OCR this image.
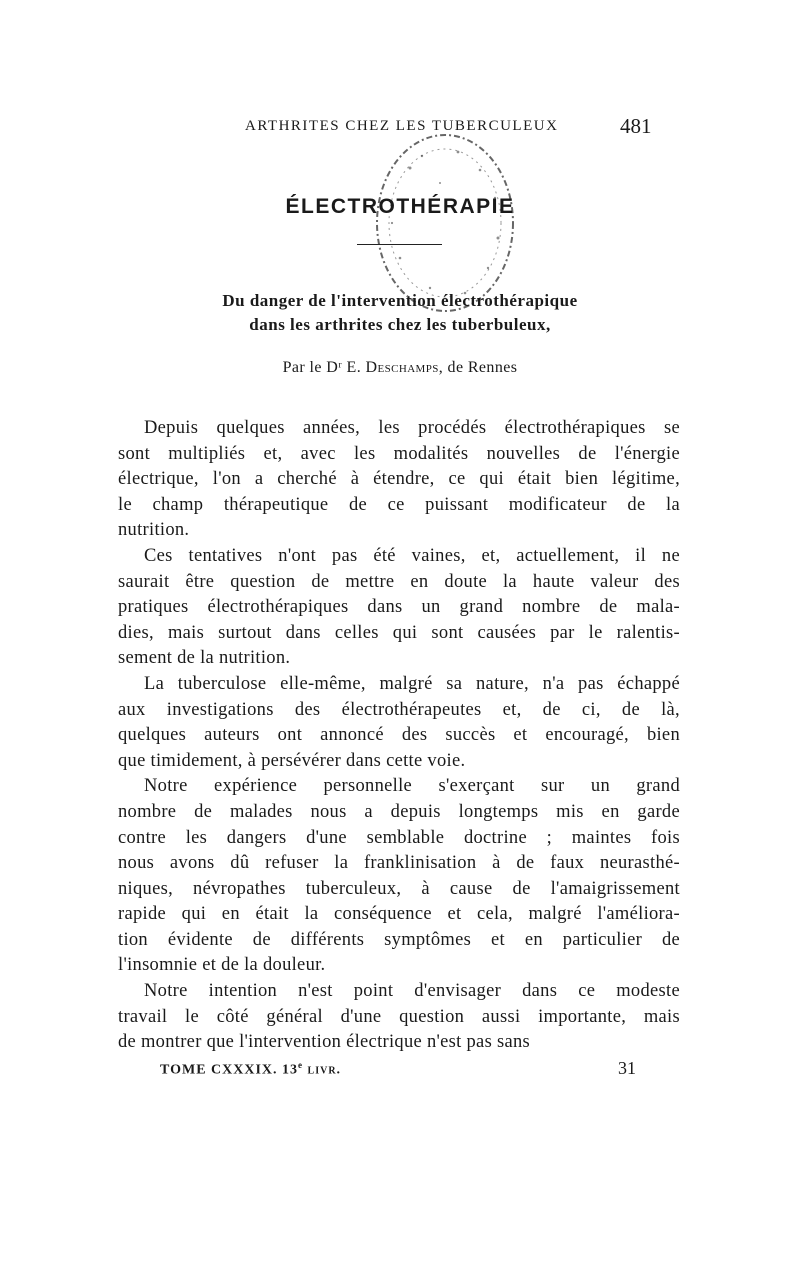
ARTHRITES CHEZ LES TUBERCULEUX	481
ÉLECTROTHÉRAPIE
Du danger de l'intervention électrothérapique
dans les arthrites chez les tuberbuleux,
Par le Dʳ E. Deschamps, de Rennes

Depuis quelques années, les procédés électrothérapiques se
sont multipliés et, avec les modalités nouvelles de l'énergie
électrique, l'on a cherché à étendre, ce qui était bien légitime,
le champ thérapeutique de ce puissant modificateur de la
nutrition.

Ces tentatives n'ont pas été vaines, et, actuellement, il ne
saurait être question de mettre en doute la haute valeur des
pratiques électrothérapiques dans un grand nombre de mala-
dies, mais surtout dans celles qui sont causées par le ralentis-
sement de la nutrition.

La tuberculose elle-même, malgré sa nature, n'a pas échappé
aux investigations des électrothérapeutes et, de ci, de là,
quelques auteurs ont annoncé des succès et encouragé, bien
que timidement, à persévérer dans cette voie.

Notre expérience personnelle s'exerçant sur un grand
nombre de malades nous a depuis longtemps mis en garde
contre les dangers d'une semblable doctrine ; maintes fois
nous avons dû refuser la franklinisation à de faux neurasthé-
niques, névropathes tuberculeux, à cause de l'amaigrissement
rapide qui en était la conséquence et cela, malgré l'améliora-
tion évidente de différents symptômes et en particulier de
l'insomnie et de la douleur.

Notre intention n'est point d'envisager dans ce modeste
travail le côté général d'une question aussi importante, mais
de montrer que l'intervention électrique n'est pas sans

TOME CXXXIX. 13e livr.	31
